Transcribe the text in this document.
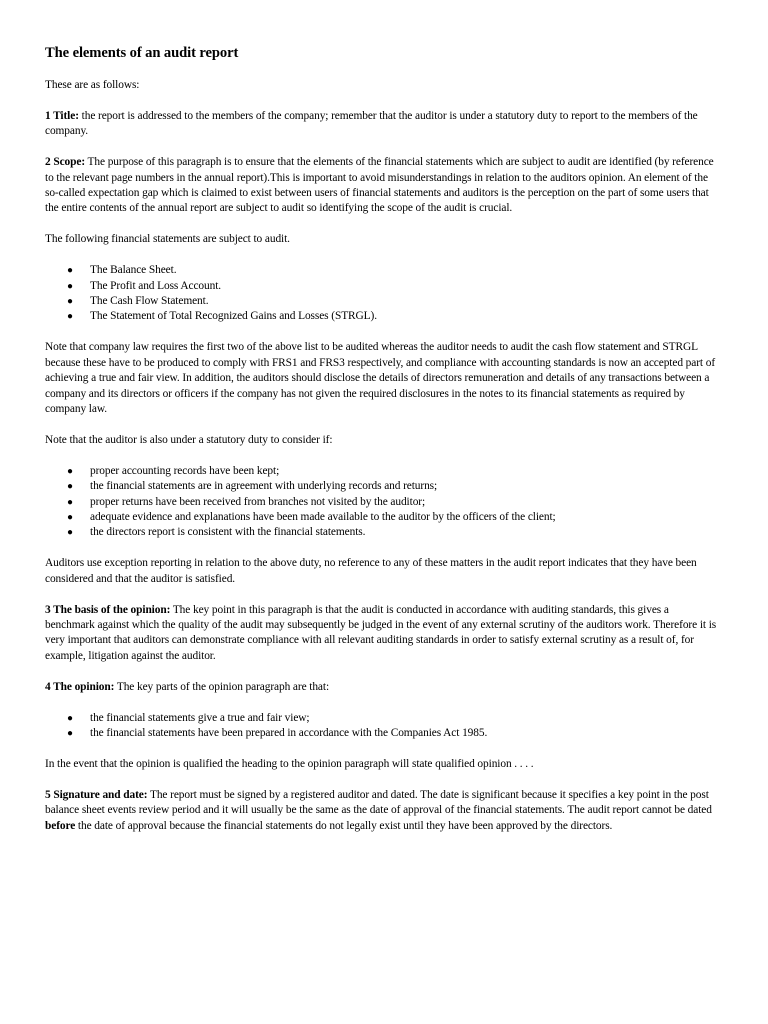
The elements of an audit report

These are as follows:

1 Title: the report is addressed to the members of the company; remember that the auditor is under a statutory duty to report to the members of the company.

2 Scope: The purpose of this paragraph is to ensure that the elements of the financial statements which are subject to audit are identified (by reference to the relevant page numbers in the annual report).This is important to avoid misunderstandings in relation to the auditors opinion. An element of the so-called expectation gap which is claimed to exist between users of financial statements and auditors is the perception on the part of some users that the entire contents of the annual report are subject to audit so identifying the scope of the audit is crucial.

The following financial statements are subject to audit.

● The Balance Sheet.
● The Profit and Loss Account.
● The Cash Flow Statement.
● The Statement of Total Recognized Gains and Losses (STRGL).

Note that company law requires the first two of the above list to be audited whereas the auditor needs to audit the cash flow statement and STRGL because these have to be produced to comply with FRS1 and FRS3 respectively, and compliance with accounting standards is now an accepted part of achieving a true and fair view. In addition, the auditors should disclose the details of directors remuneration and details of any transactions between a company and its directors or officers if the company has not given the required disclosures in the notes to its financial statements as required by company law.

Note that the auditor is also under a statutory duty to consider if:

● proper accounting records have been kept;
● the financial statements are in agreement with underlying records and returns;
● proper returns have been received from branches not visited by the auditor;
● adequate evidence and explanations have been made available to the auditor by the officers of the client;
● the directors report is consistent with the financial statements.

Auditors use exception reporting in relation to the above duty, no reference to any of these matters in the audit report indicates that they have been considered and that the auditor is satisfied.

3 The basis of the opinion: The key point in this paragraph is that the audit is conducted in accordance with auditing standards, this gives a benchmark against which the quality of the audit may subsequently be judged in the event of any external scrutiny of the auditors work. Therefore it is very important that auditors can demonstrate compliance with all relevant auditing standards in order to satisfy external scrutiny as a result of, for example, litigation against the auditor.

4 The opinion: The key parts of the opinion paragraph are that:

● the financial statements give a true and fair view;
● the financial statements have been prepared in accordance with the Companies Act 1985.

In the event that the opinion is qualified the heading to the opinion paragraph will state qualified opinion . . . .

5 Signature and date: The report must be signed by a registered auditor and dated. The date is significant because it specifies a key point in the post balance sheet events review period and it will usually be the same as the date of approval of the financial statements. The audit report cannot be dated before the date of approval because the financial statements do not legally exist until they have been approved by the directors.
